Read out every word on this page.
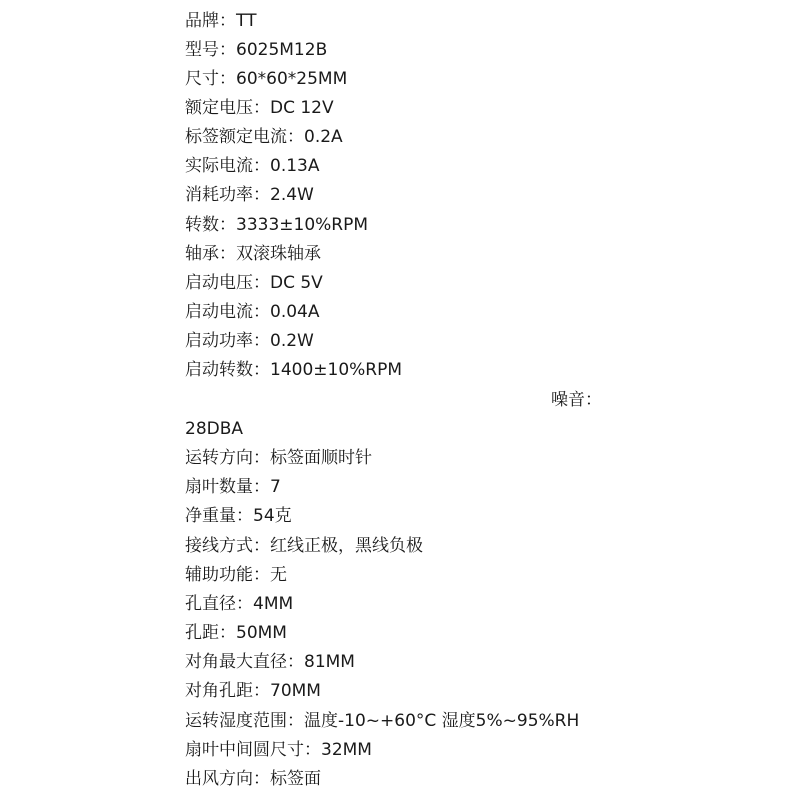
品牌：TT
型号：6025M12B
尺寸：60*60*25MM
额定电压：DC 12V
标签额定电流：0.2A
实际电流：0.13A
消耗功率：2.4W
转数：3333±10%RPM
轴承：双滚珠轴承
启动电压：DC 5V
启动电流：0.04A
启动功率：0.2W
启动转数：1400±10%RPM
噪音：
28DBA
运转方向：标签面顺时针
扇叶数量：7
净重量：54克
接线方式：红线正极，黑线负极
辅助功能：无
孔直径：4MM
孔距：50MM
对角最大直径：81MM
对角孔距：70MM
运转湿度范围：温度-10~+60°C 湿度5%~95%RH
扇叶中间圆尺寸：32MM
出风方向：标签面
